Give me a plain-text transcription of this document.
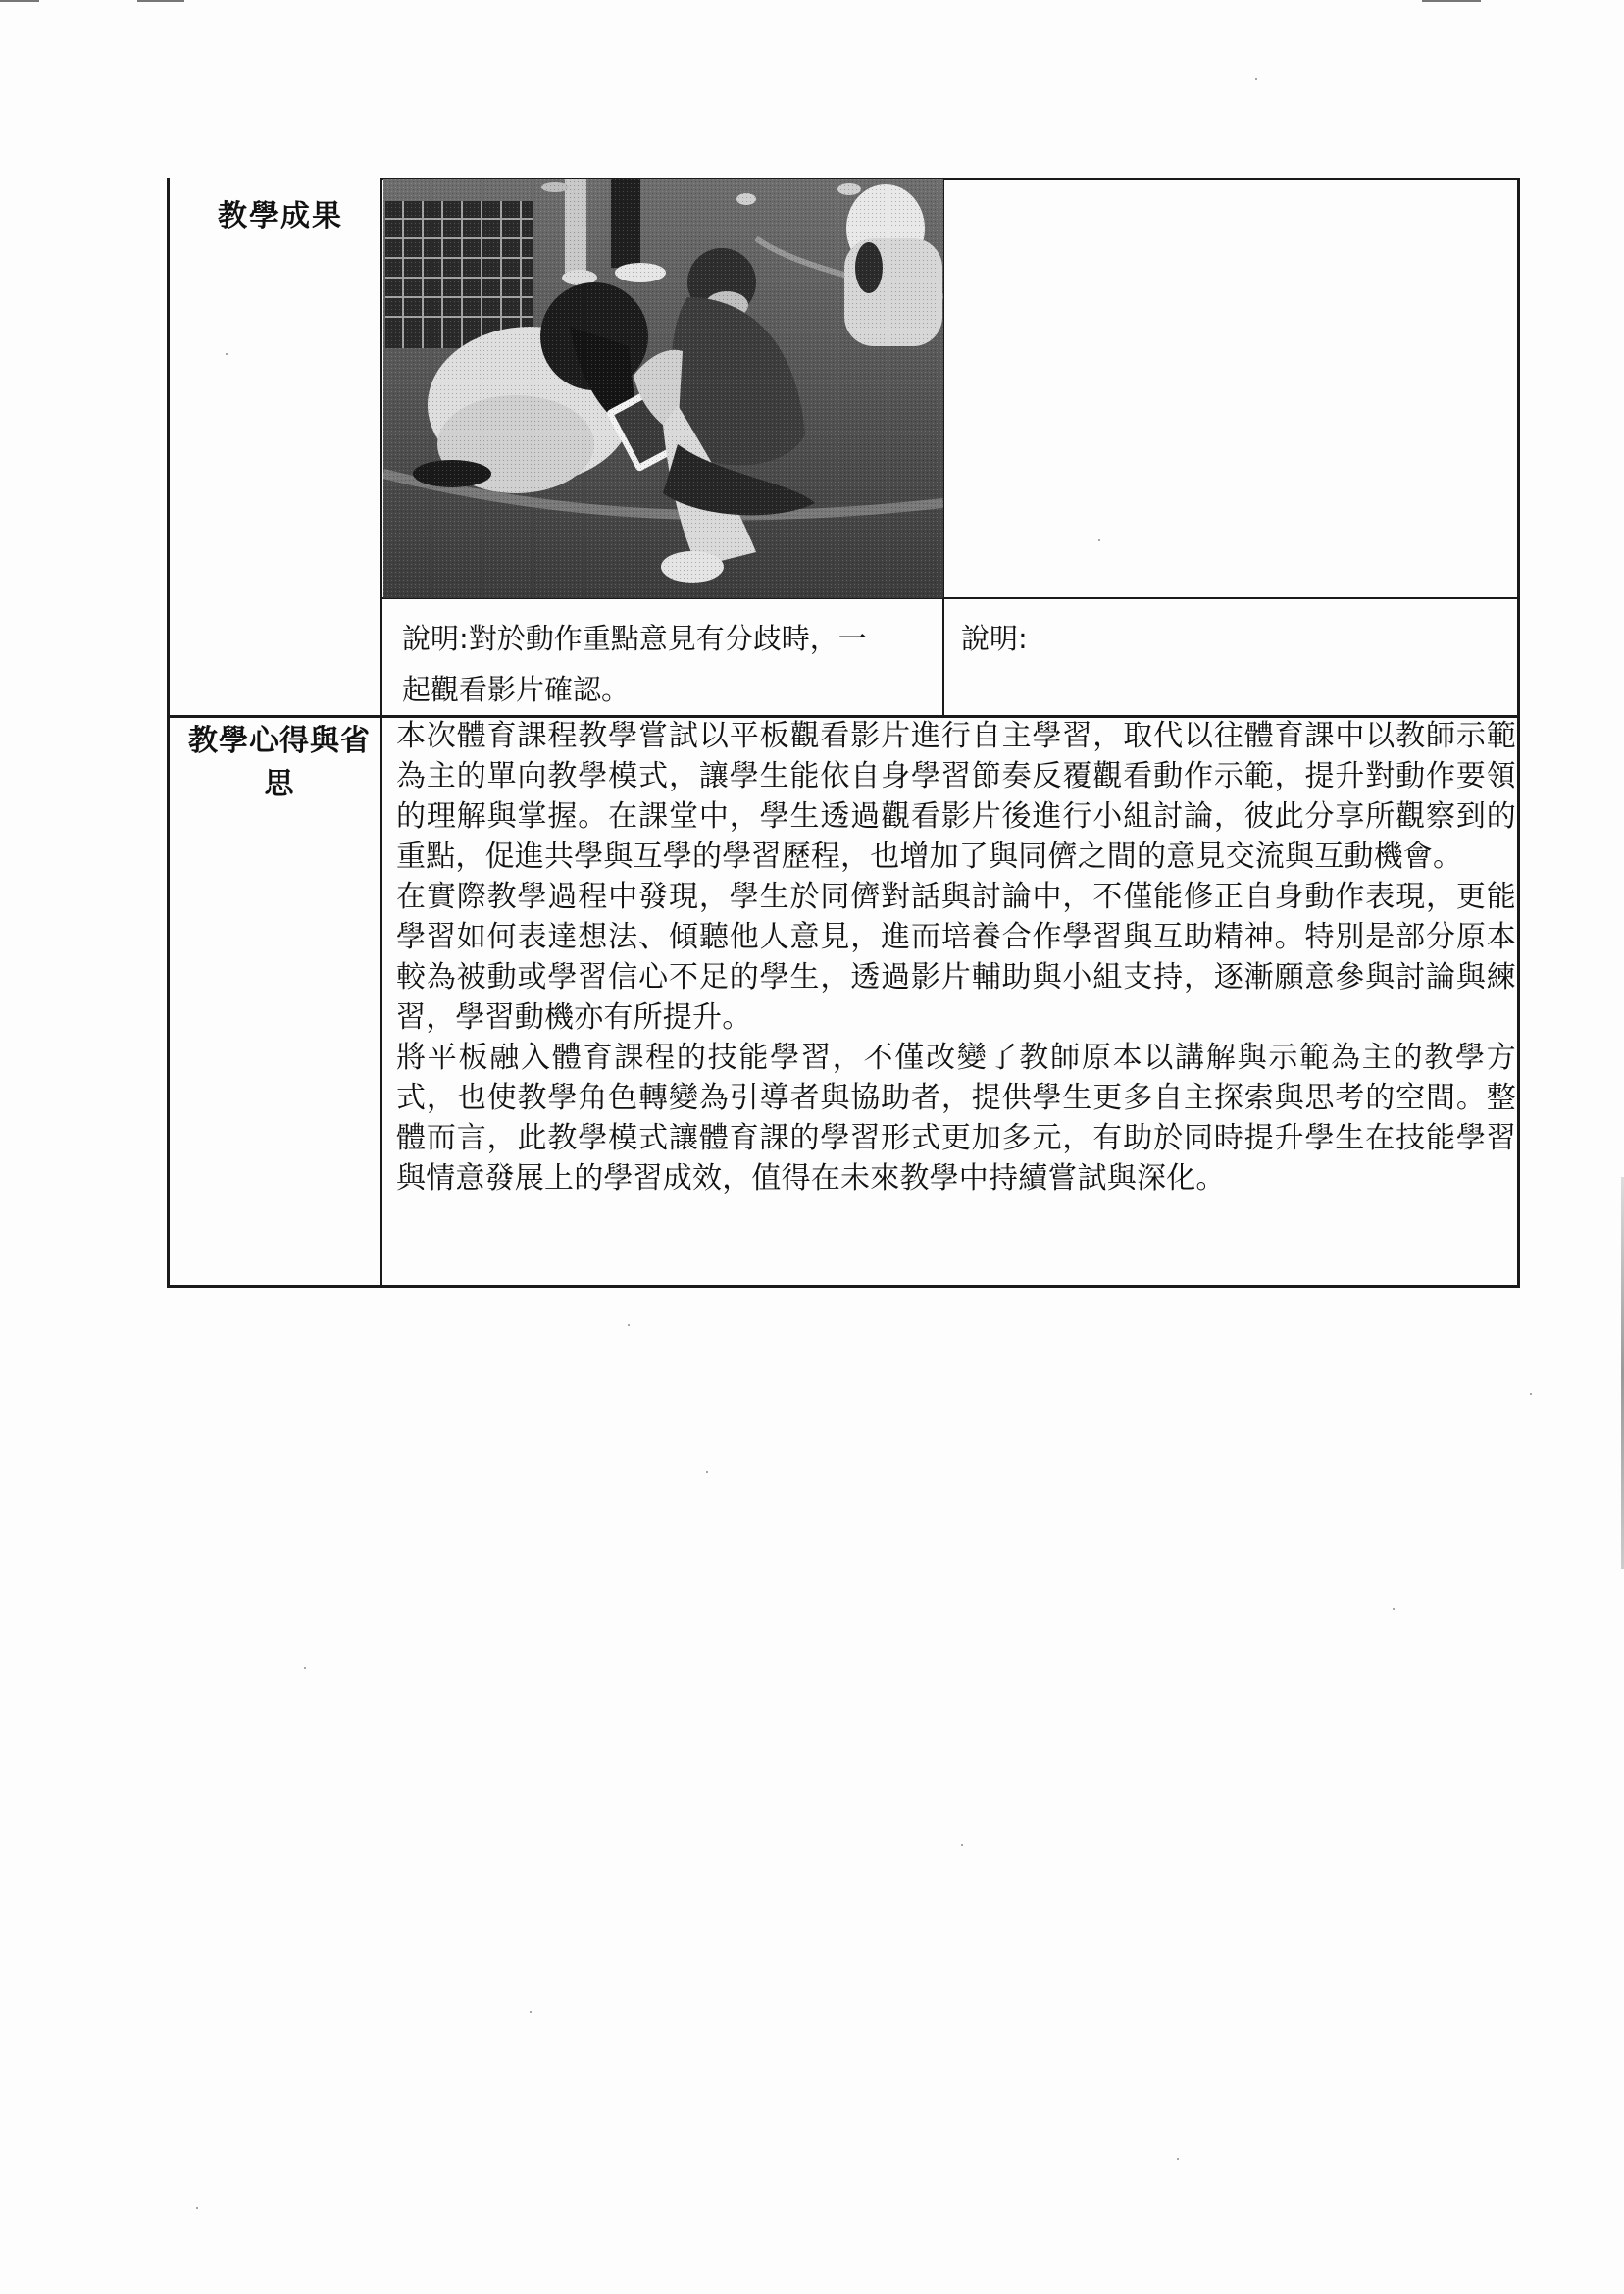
教學成果
教學心得與省思
說明:對於動作重點意見有分歧時，一
起觀看影片確認。
說明:

本次體育課程教學嘗試以平板觀看影片進行自主學習，取代以往體育課中以教師示範為主的單向教學模式，讓學生能依自身學習節奏反覆觀看動作示範，提升對動作要領的理解與掌握。在課堂中，學生透過觀看影片後進行小組討論，彼此分享所觀察到的重點，促進共學與互學的學習歷程，也增加了與同儕之間的意見交流與互動機會。

在實際教學過程中發現，學生於同儕對話與討論中，不僅能修正自身動作表現，更能學習如何表達想法、傾聽他人意見，進而培養合作學習與互助精神。特別是部分原本較為被動或學習信心不足的學生，透過影片輔助與小組支持，逐漸願意參與討論與練習，學習動機亦有所提升。

將平板融入體育課程的技能學習，不僅改變了教師原本以講解與示範為主的教學方式，也使教學角色轉變為引導者與協助者，提供學生更多自主探索與思考的空間。整體而言，此教學模式讓體育課的學習形式更加多元，有助於同時提升學生在技能學習與情意發展上的學習成效，值得在未來教學中持續嘗試與深化。
